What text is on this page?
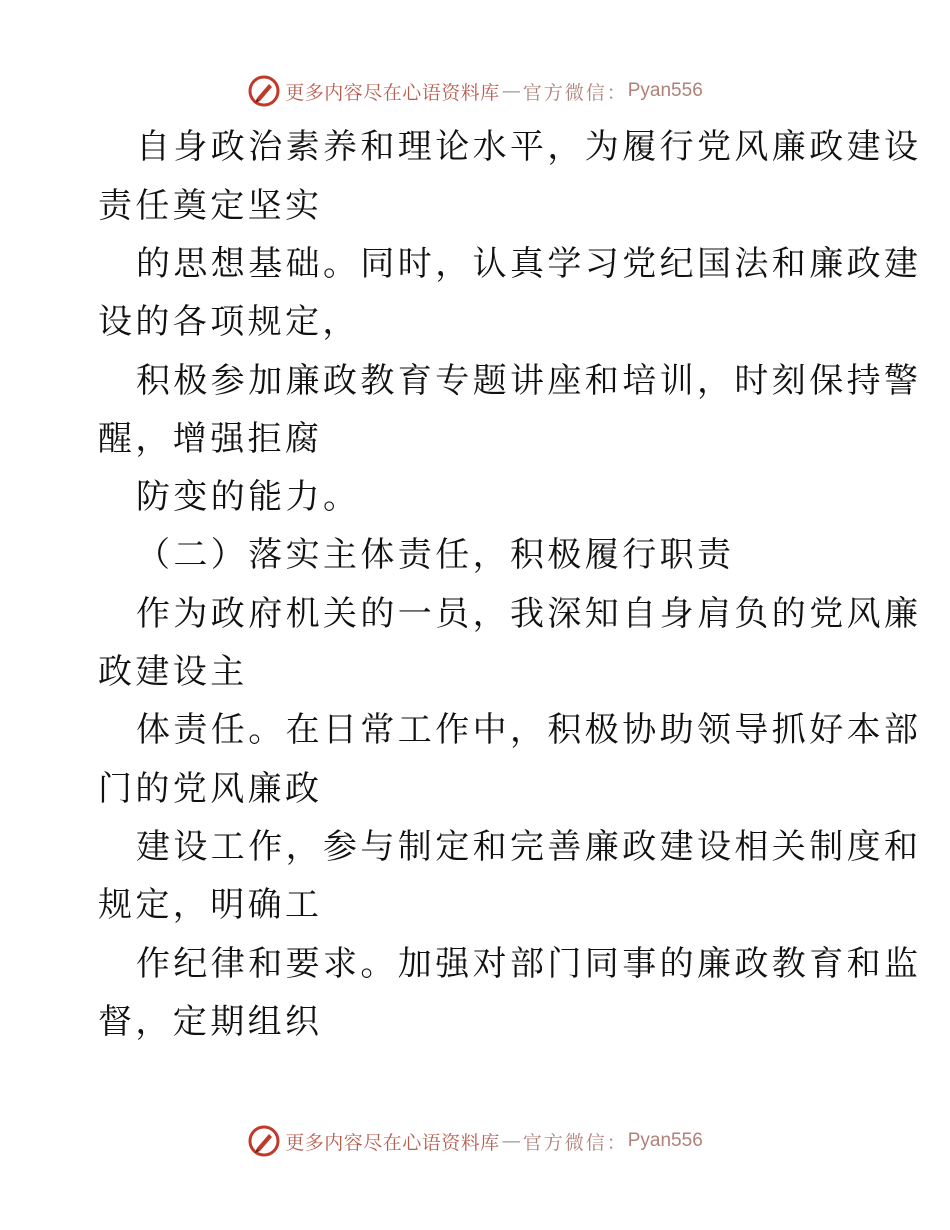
更多内容尽在心语资料库 — 官方微信： Pyan556
自身政治素养和理论水平，为履行党风廉政建设
责任奠定坚实
的思想基础。同时，认真学习党纪国法和廉政建
设的各项规定，
积极参加廉政教育专题讲座和培训，时刻保持警
醒，增强拒腐
防变的能力。
（二）落实主体责任，积极履行职责
作为政府机关的一员，我深知自身肩负的党风廉
政建设主
体责任。在日常工作中，积极协助领导抓好本部
门的党风廉政
建设工作，参与制定和完善廉政建设相关制度和
规定，明确工
作纪律和要求。加强对部门同事的廉政教育和监
督，定期组织
更多内容尽在心语资料库 — 官方微信： Pyan556
